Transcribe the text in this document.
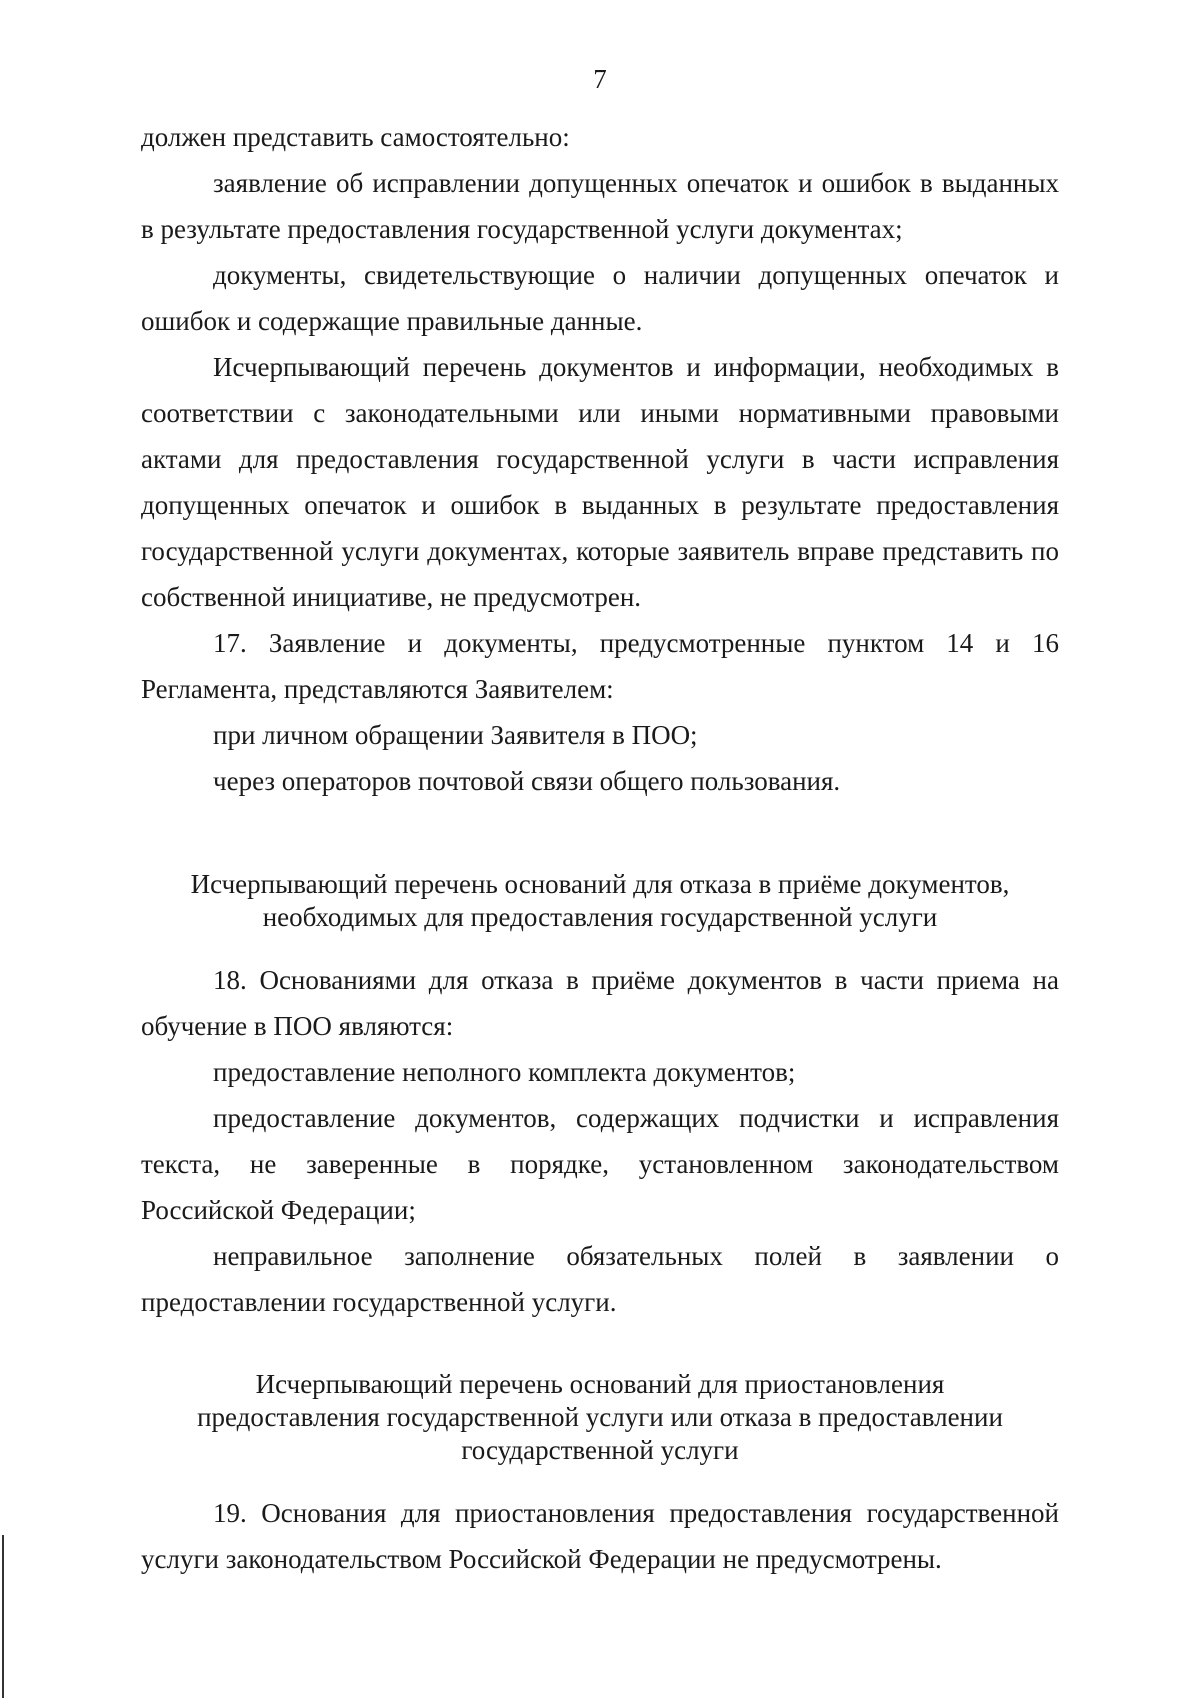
7

должен представить самостоятельно:

заявление об исправлении допущенных опечаток и ошибок в выданных в результате предоставления государственной услуги документах;

документы, свидетельствующие о наличии допущенных опечаток и ошибок и содержащие правильные данные.

Исчерпывающий перечень документов и информации, необходимых в соответствии с законодательными или иными нормативными правовыми актами для предоставления государственной услуги в части исправления допущенных опечаток и ошибок в выданных в результате предоставления государственной услуги документах, которые заявитель вправе представить по собственной инициативе, не предусмотрен.

17. Заявление и документы, предусмотренные пунктом 14 и 16 Регламента, представляются Заявителем:

при личном обращении Заявителя в ПОО;

через операторов почтовой связи общего пользования.

Исчерпывающий перечень оснований для отказа в приёме документов,

необходимых для предоставления государственной услуги

18. Основаниями для отказа в приёме документов в части приема на обучение в ПОО являются:

предоставление неполного комплекта документов;

предоставление документов, содержащих подчистки и исправления текста, не заверенные в порядке, установленном законодательством Российской Федерации;

неправильное заполнение обязательных полей в заявлении о предоставлении государственной услуги.

Исчерпывающий перечень оснований для приостановления

предоставления государственной услуги или отказа в предоставлении

государственной услуги

19. Основания для приостановления предоставления государственной услуги законодательством Российской Федерации не предусмотрены.
